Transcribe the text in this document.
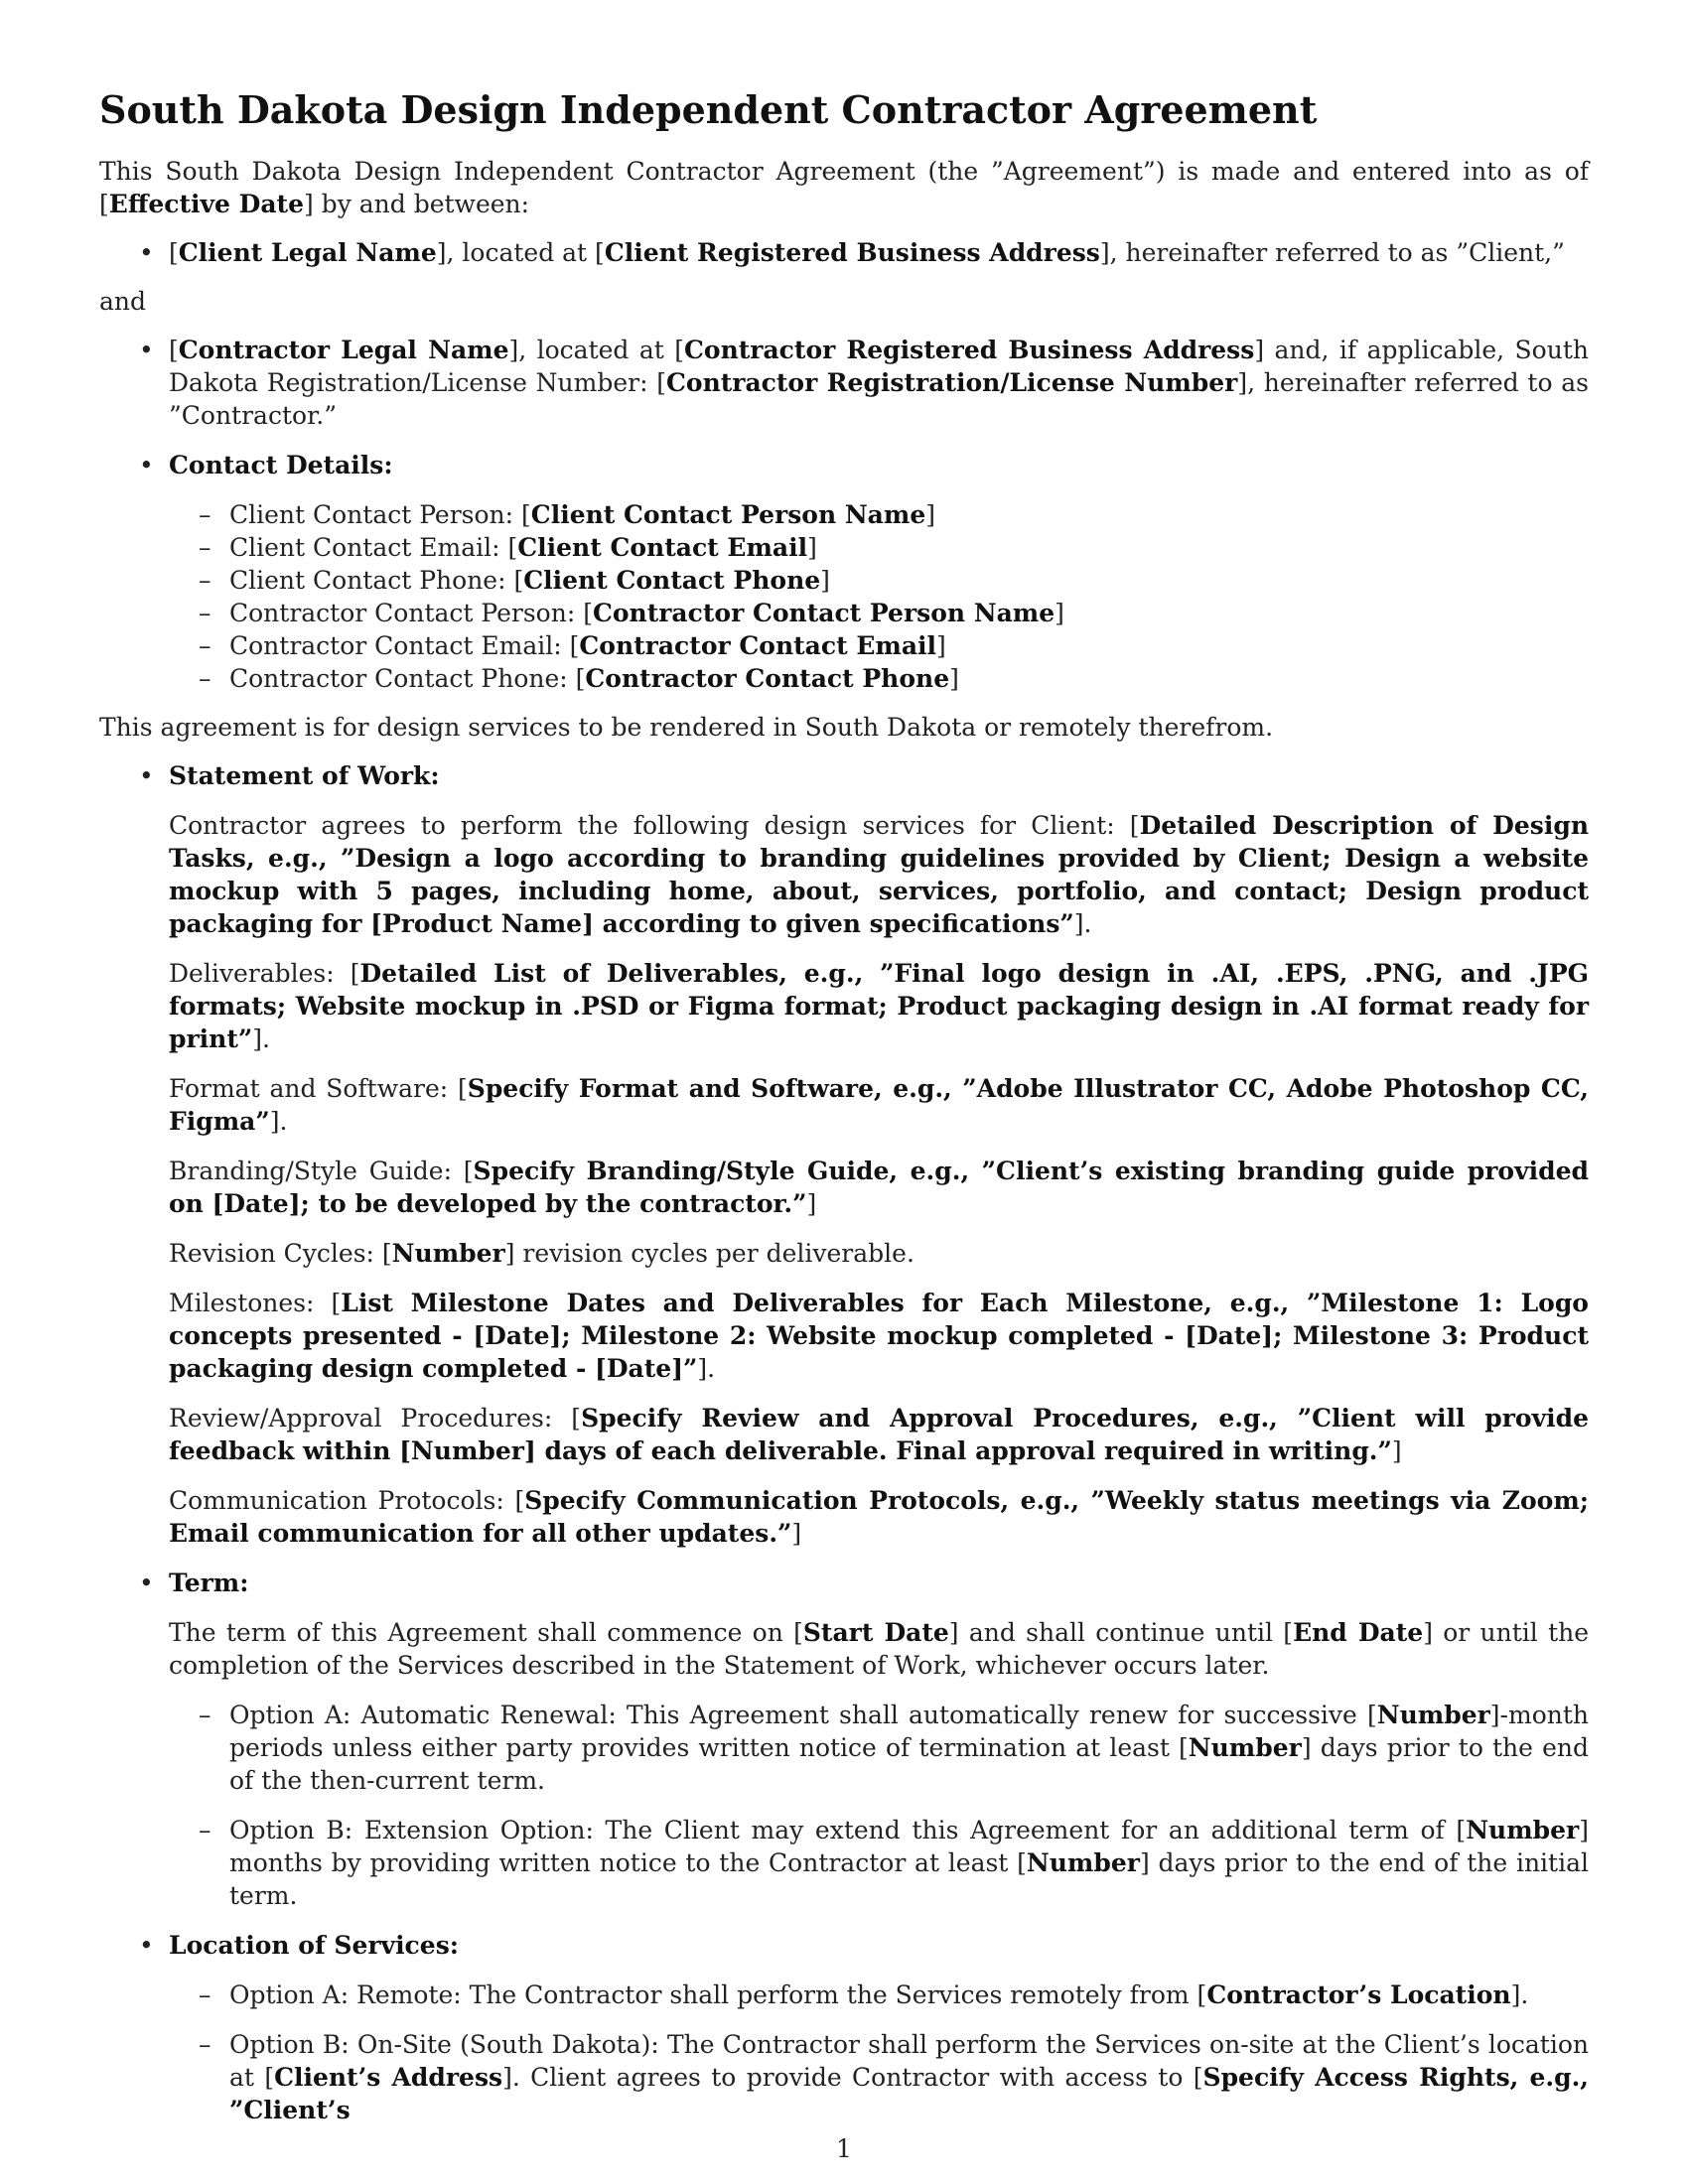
South Dakota Design Independent Contractor Agreement

This South Dakota Design Independent Contractor Agreement (the ”Agreement”) is made and entered into as of [Effective Date] by and between:

• [Client Legal Name], located at [Client Registered Business Address], hereinafter referred to as ”Client,”

and

• [Contractor Legal Name], located at [Contractor Registered Business Address] and, if applicable, South Dakota Registration/License Number: [Contractor Registration/License Number], hereinafter referred to as ”Contractor.”

• Contact Details:
– Client Contact Person: [Client Contact Person Name]
– Client Contact Email: [Client Contact Email]
– Client Contact Phone: [Client Contact Phone]
– Contractor Contact Person: [Contractor Contact Person Name]
– Contractor Contact Email: [Contractor Contact Email]
– Contractor Contact Phone: [Contractor Contact Phone]

This agreement is for design services to be rendered in South Dakota or remotely therefrom.

• Statement of Work:

Contractor agrees to perform the following design services for Client: [Detailed Description of Design Tasks, e.g., ”Design a logo according to branding guidelines provided by Client; Design a website mockup with 5 pages, including home, about, services, portfolio, and contact; Design product packaging for [Product Name] according to given specifications”].

Deliverables: [Detailed List of Deliverables, e.g., ”Final logo design in .AI, .EPS, .PNG, and .JPG formats; Website mockup in .PSD or Figma format; Product packaging design in .AI format ready for print”].

Format and Software: [Specify Format and Software, e.g., ”Adobe Illustrator CC, Adobe Photoshop CC, Figma”].

Branding/Style Guide: [Specify Branding/Style Guide, e.g., ”Client’s existing branding guide provided on [Date]; to be developed by the contractor.”]

Revision Cycles: [Number] revision cycles per deliverable.

Milestones: [List Milestone Dates and Deliverables for Each Milestone, e.g., ”Milestone 1: Logo concepts presented - [Date]; Milestone 2: Website mockup completed - [Date]; Milestone 3: Product packaging design completed - [Date]”].

Review/Approval Procedures: [Specify Review and Approval Procedures, e.g., ”Client will provide feedback within [Number] days of each deliverable. Final approval required in writing.”]

Communication Protocols: [Specify Communication Protocols, e.g., ”Weekly status meetings via Zoom; Email communication for all other updates.”]

• Term:

The term of this Agreement shall commence on [Start Date] and shall continue until [End Date] or until the completion of the Services described in the Statement of Work, whichever occurs later.

– Option A: Automatic Renewal: This Agreement shall automatically renew for successive [Number]-month periods unless either party provides written notice of termination at least [Number] days prior to the end of the then-current term.
– Option B: Extension Option: The Client may extend this Agreement for an additional term of [Number] months by providing written notice to the Contractor at least [Number] days prior to the end of the initial term.
• Location of Services:
– Option A: Remote: The Contractor shall perform the Services remotely from [Contractor’s Location].
– Option B: On-Site (South Dakota): The Contractor shall perform the Services on-site at the Client’s location at [Client’s Address]. Client agrees to provide Contractor with access to [Specify Access Rights, e.g., ”Client’s
1
